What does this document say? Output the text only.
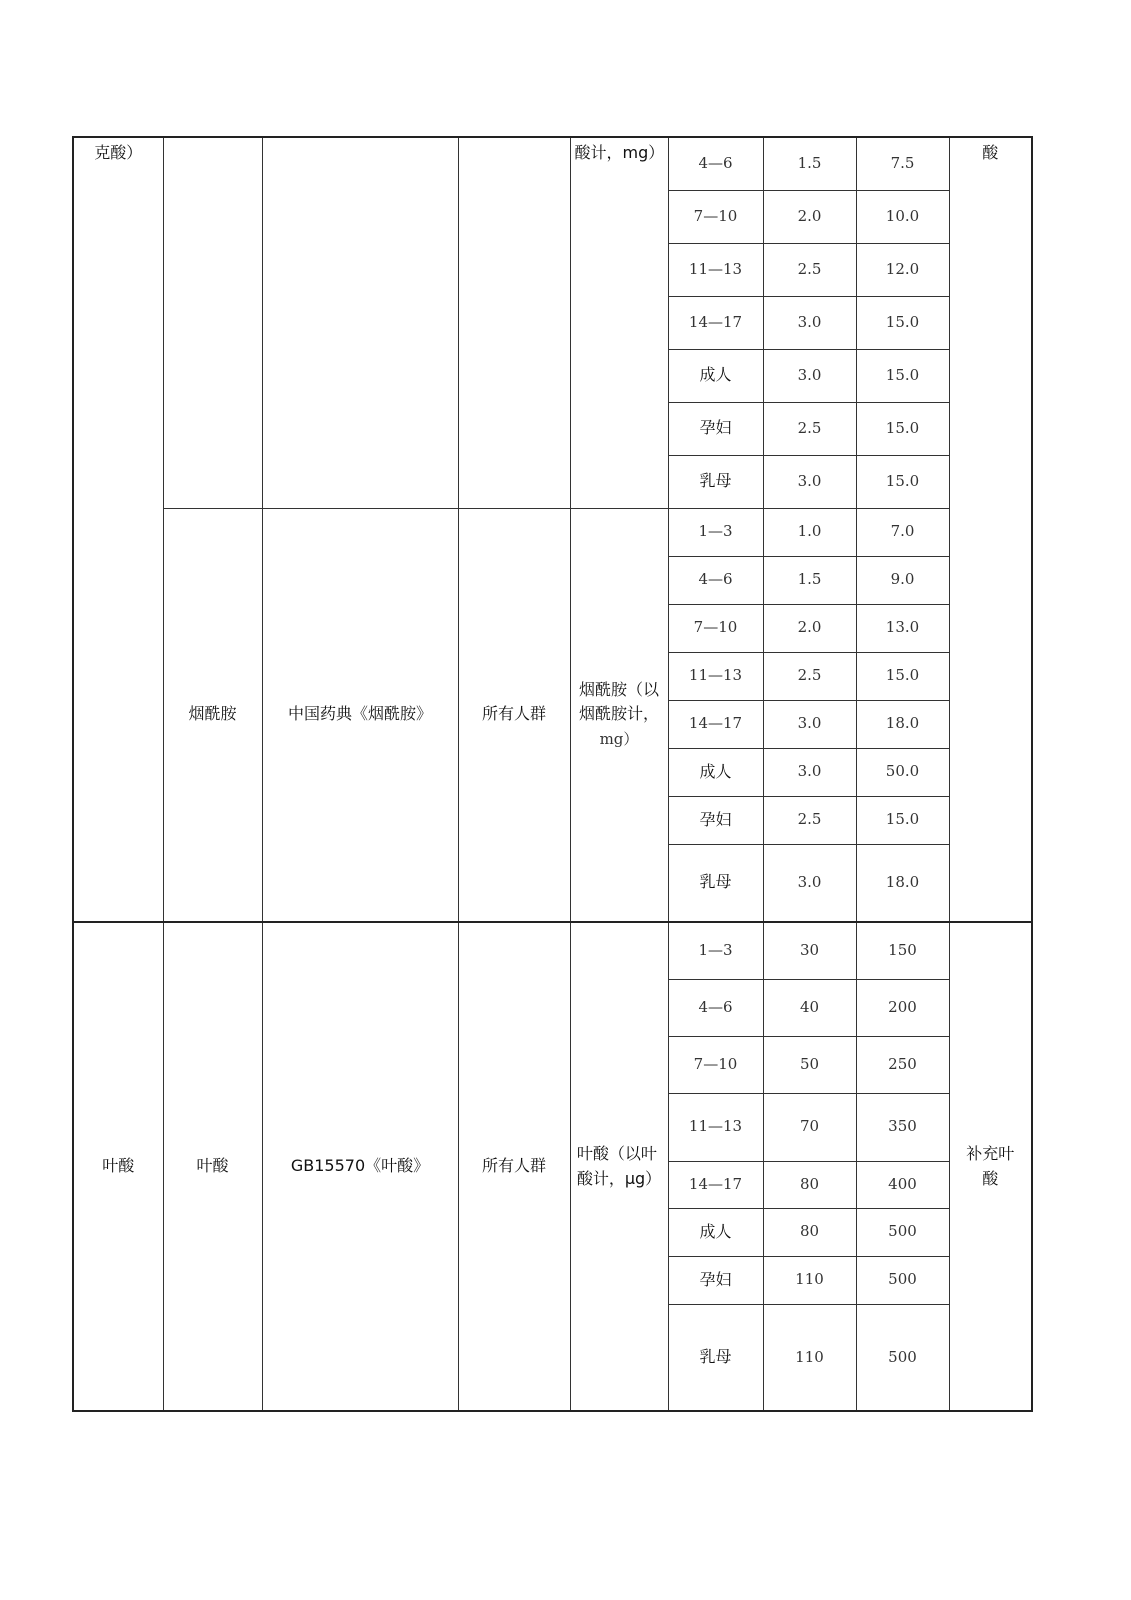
克酸）				酸计，mg）	4—6	1.5	7.5	酸
					7—10	2.0	10.0	
					11—13	2.5	12.0	
					14—17	3.0	15.0	
					成人	3.0	15.0	
					孕妇	2.5	15.0	
					乳母	3.0	15.0	
	烟酰胺	中国药典《烟酰胺》	所有人群	烟酰胺（以
烟酰胺计，
mg）	1—3	1.0	7.0	
					4—6	1.5	9.0	
					7—10	2.0	13.0	
					11—13	2.5	15.0	
					14—17	3.0	18.0	
					成人	3.0	50.0	
					孕妇	2.5	15.0	
					乳母	3.0	18.0	
叶酸	叶酸	GB15570《叶酸》	所有人群	叶酸（以叶
酸计，μg）	1—3	30	150	补充叶
酸
					4—6	40	200	
					7—10	50	250	
					11—13	70	350	
					14—17	80	400	
					成人	80	500	
					孕妇	110	500	
					乳母	110	500	
